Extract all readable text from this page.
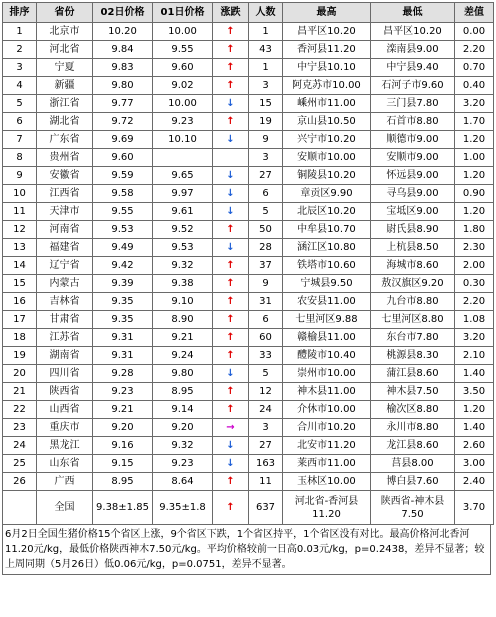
排序	省份	02日价格	01日价格	涨跌	人数	最高	最低	差值
1	北京市	10.20	10.00	↑	1	昌平区10.20	昌平区10.20	0.00
2	河北省	9.84	9.55	↑	43	香河县11.20	滦南县9.00	2.20
3	宁夏	9.83	9.60	↑	1	中宁县10.10	中宁县9.40	0.70
4	新疆	9.80	9.02	↑	3	阿克苏市10.00	石河子市9.60	0.40
5	浙江省	9.77	10.00	↓	15	嵊州市11.00	三门县7.80	3.20
6	湖北省	9.72	9.23	↑	19	京山县10.50	石首市8.80	1.70
7	广东省	9.69	10.10	↓	9	兴宁市10.20	顺德市9.00	1.20
8	贵州省	9.60			3	安顺市10.00	安顺市9.00	1.00
9	安徽省	9.59	9.65	↓	27	铜陵县10.20	怀远县9.00	1.20
10	江西省	9.58	9.97	↓	6	章贡区9.90	寻乌县9.00	0.90
11	天津市	9.55	9.61	↓	5	北辰区10.20	宝坻区9.00	1.20
12	河南省	9.53	9.52	↑	50	中牟县10.70	尉氏县8.90	1.80
13	福建省	9.49	9.53	↓	28	涵江区10.80	上杭县8.50	2.30
14	辽宁省	9.42	9.32	↑	37	铁塔市10.60	海城市8.60	2.00
15	内蒙古	9.39	9.38	↑	9	宁城县9.50	敖汉旗区9.20	0.30
16	吉林省	9.35	9.10	↑	31	农安县11.00	九台市8.80	2.20
17	甘肃省	9.35	8.90	↑	6	七里河区9.88	七里河区8.80	1.08
18	江苏省	9.31	9.21	↑	60	赣榆县11.00	东台市7.80	3.20
19	湖南省	9.31	9.24	↑	33	醴陵市10.40	桃源县8.30	2.10
20	四川省	9.28	9.80	↓	5	崇州市10.00	蒲江县8.60	1.40
21	陕西省	9.23	8.95	↑	12	神木县11.00	神木县7.50	3.50
22	山西省	9.21	9.14	↑	24	介休市10.00	榆次区8.80	1.20
23	重庆市	9.20	9.20	→	3	合川市10.20	永川市8.80	1.40
24	黑龙江	9.16	9.32	↓	27	北安市11.20	龙江县8.60	2.60
25	山东省	9.15	9.23	↓	163	莱西市11.00	莒县8.00	3.00
26	广西	8.95	8.64	↑	11	玉林区10.00	博白县7.60	2.40
	全国	9.38±1.85	9.35±1.8	↑	637	河北省-香河县11.20	陕西省-神木县7.50	3.70
6月2日全国生猪价格15个省区上涨，9个省区下跌，1个省区持平，1个省区没有对比。最高价格河北香河11.20元/kg，最低价格陕西神木7.50元/kg。平均价格较前一日高0.03元/kg，p=0.2438，差异不显著；较上周同期（5月26日）低0.06元/kg，p=0.0751，差异不显著。
